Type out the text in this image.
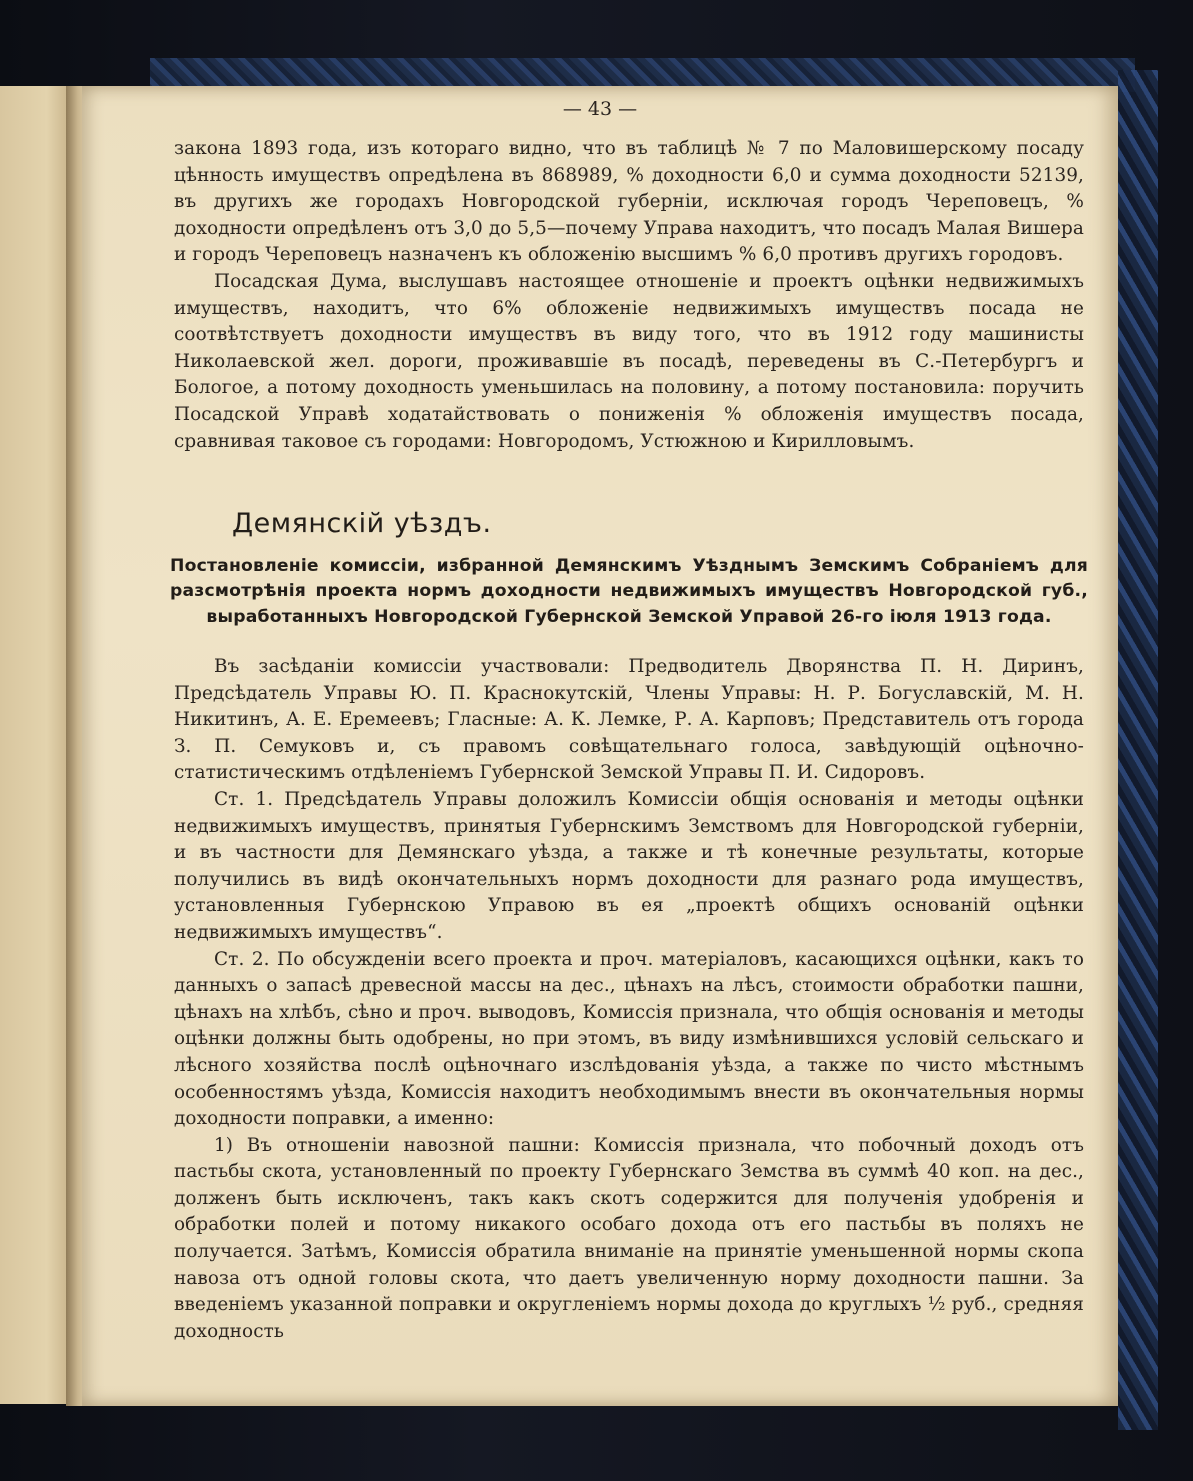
— 43 —

закона 1893 года, изъ котораго видно, что въ таблицѣ № 7 по Маловишерскому посаду цѣнность имуществъ опредѣлена въ 868989, % доходности 6,0 и сумма доходности 52139, въ другихъ же городахъ Новгородской губерніи, исключая городъ Череповецъ, % доходности опредѣленъ отъ 3,0 до 5,5—почему Управа находитъ, что посадъ Малая Вишера и городъ Череповецъ назначенъ къ обложенію высшимъ % 6,0 противъ другихъ городовъ.

Посадская Дума, выслушавъ настоящее отношеніе и проектъ оцѣнки недвижимыхъ имуществъ, находитъ, что 6% обложеніе недвижимыхъ имуществъ посада не соотвѣтствуетъ доходности имуществъ въ виду того, что въ 1912 году машинисты Николаевской жел. дороги, проживавшіе въ посадѣ, переведены въ С.-Петербургъ и Бологое, а потому доходность уменьшилась на половину, а потому постановила: поручить Посадской Управѣ ходатайствовать о пониженія % обложенія имуществъ посада, сравнивая таковое съ городами: Новгородомъ, Устюжною и Кирилловымъ.

Демянскій уѣздъ.
Постановленіе комиссіи, избранной Демянскимъ Уѣзднымъ Земскимъ Собраніемъ для разсмотрѣнія проекта нормъ доходности недвижимыхъ имуществъ Новгородской губ., выработанныхъ Новгородской Губернской Земской Управой 26-го іюля 1913 года.

Въ засѣданіи комиссіи участвовали: Предводитель Дворянства П. Н. Диринъ, Предсѣдатель Управы Ю. П. Краснокутскій, Члены Управы: Н. Р. Богуславскій, М. Н. Никитинъ, А. Е. Еремеевъ; Гласные: А. К. Лемке, Р. А. Карповъ; Представитель отъ города З. П. Семуковъ и, съ правомъ совѣщательнаго голоса, завѣдующій оцѣночно-статистическимъ отдѣленіемъ Губернской Земской Управы П. И. Сидоровъ.

Ст. 1. Предсѣдатель Управы доложилъ Комиссіи общія основанія и методы оцѣнки недвижимыхъ имуществъ, принятыя Губернскимъ Земствомъ для Новгородской губерніи, и въ частности для Демянскаго уѣзда, а также и тѣ конечные результаты, которые получились въ видѣ окончательныхъ нормъ доходности для разнаго рода имуществъ, установленныя Губернскою Управою въ ея „проектѣ общихъ основаній оцѣнки недвижимыхъ имуществъ“.

Ст. 2. По обсужденіи всего проекта и проч. матеріаловъ, касающихся оцѣнки, какъ то данныхъ о запасѣ древесной массы на дес., цѣнахъ на лѣсъ, стоимости обработки пашни, цѣнахъ на хлѣбъ, сѣно и проч. выводовъ, Комиссія признала, что общія основанія и методы оцѣнки должны быть одобрены, но при этомъ, въ виду измѣнившихся условій сельскаго и лѣсного хозяйства послѣ оцѣночнаго изслѣдованія уѣзда, а также по чисто мѣстнымъ особенностямъ уѣзда, Комиссія находитъ необходимымъ внести въ окончательныя нормы доходности поправки, а именно:

1) Въ отношеніи навозной пашни: Комиссія признала, что побочный доходъ отъ пастьбы скота, установленный по проекту Губернскаго Земства въ суммѣ 40 коп. на дес., долженъ быть исключенъ, такъ какъ скотъ содержится для полученія удобренія и обработки полей и потому никакого особаго дохода отъ его пастьбы въ поляхъ не получается. Затѣмъ, Комиссія обратила вниманіе на принятіе уменьшенной нормы скопа навоза отъ одной головы скота, что даетъ увеличенную норму доходности пашни. За введеніемъ указанной поправки и округленіемъ нормы дохода до круглыхъ ½ руб., средняя доходность
